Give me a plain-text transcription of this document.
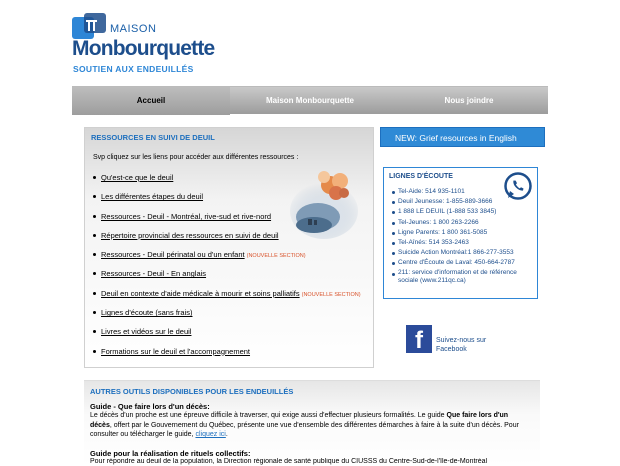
MAISON
Monbourquette
SOUTIEN AUX ENDEUILLÉS
Accueil	Maison Monbourquette	Nous joindre
RESSOURCES EN SUIVI DE DEUIL
Svp cliquez sur les liens pour accéder aux différentes ressources :
Qu'est-ce que le deuil
Les différentes étapes du deuil
Ressources - Deuil - Montréal, rive-sud et rive-nord
Répertoire provincial des ressources en suivi de deuil
Ressources - Deuil périnatal ou d'un enfant (NOUVELLE SECTION)
Ressources - Deuil - En anglais
Deuil en contexte d'aide médicale à mourir et soins palliatifs (NOUVELLE SECTION)
Lignes d'écoute (sans frais)
Livres et vidéos sur le deuil
Formations sur le deuil et l'accompagnement
NEW: Grief resources in English
LIGNES D'ÉCOUTE
Tel-Aide: 514 935-1101
Deuil Jeunesse: 1-855-889-3666
1 888 LE DEUIL (1-888 533 3845)
Tel-Jeunes: 1 800 263-2266
Ligne Parents: 1 800 361-5085
Tel-Aînés: 514 353-2463
Suicide Action Montréal:1 866-277-3553
Centre d'Écoute de Laval: 450-664-2787
211: service d'information et de référence sociale (www.211qc.ca)
f Suivez-nous sur Facebook
AUTRES OUTILS DISPONIBLES POUR LES ENDEUILLÉS
Guide - Que faire lors d'un décès:
Le décès d'un proche est une épreuve difficile à traverser, qui exige aussi d'effectuer plusieurs formalités. Le guide Que faire lors d'un décès, offert par le Gouvernement du Québec, présente une vue d'ensemble des différentes démarches à faire à la suite d'un décès. Pour consulter ou télécharger le guide, cliquez ici.
Guide pour la réalisation de rituels collectifs:
Pour répondre au deuil de la population, la Direction régionale de santé publique du CIUSSS du Centre-Sud-de-l'Île-de-Montréal
